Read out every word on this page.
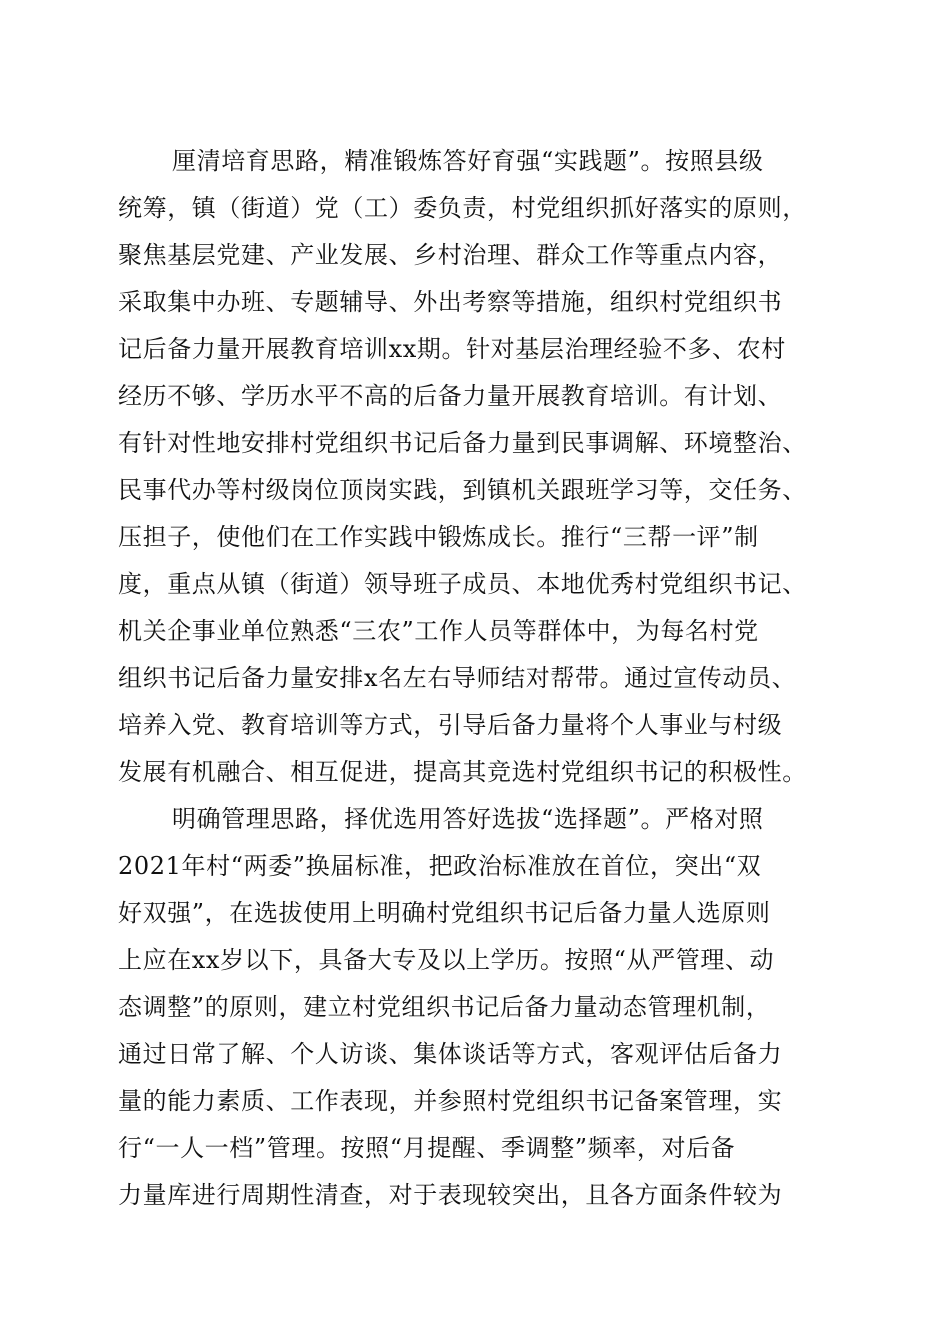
厘清培育思路，精准锻炼答好育强“实践题”。按照县级
统筹，镇（街道）党（工）委负责，村党组织抓好落实的原则，
聚焦基层党建、产业发展、乡村治理、群众工作等重点内容，
采取集中办班、专题辅导、外出考察等措施，组织村党组织书
记后备力量开展教育培训xx期。针对基层治理经验不多、农村
经历不够、学历水平不高的后备力量开展教育培训。有计划、
有针对性地安排村党组织书记后备力量到民事调解、环境整治、
民事代办等村级岗位顶岗实践，到镇机关跟班学习等，交任务、
压担子，使他们在工作实践中锻炼成长。推行“三帮一评”制
度，重点从镇（街道）领导班子成员、本地优秀村党组织书记、
机关企事业单位熟悉“三农”工作人员等群体中，为每名村党
组织书记后备力量安排x名左右导师结对帮带。通过宣传动员、
培养入党、教育培训等方式，引导后备力量将个人事业与村级
发展有机融合、相互促进，提高其竞选村党组织书记的积极性。
明确管理思路，择优选用答好选拔“选择题”。严格对照
2021年村“两委”换届标准，把政治标准放在首位，突出“双
好双强”，在选拔使用上明确村党组织书记后备力量人选原则
上应在xx岁以下，具备大专及以上学历。按照“从严管理、动
态调整”的原则，建立村党组织书记后备力量动态管理机制，
通过日常了解、个人访谈、集体谈话等方式，客观评估后备力
量的能力素质、工作表现，并参照村党组织书记备案管理，实
行“一人一档”管理。按照“月提醒、季调整”频率，对后备
力量库进行周期性清查，对于表现较突出，且各方面条件较为
